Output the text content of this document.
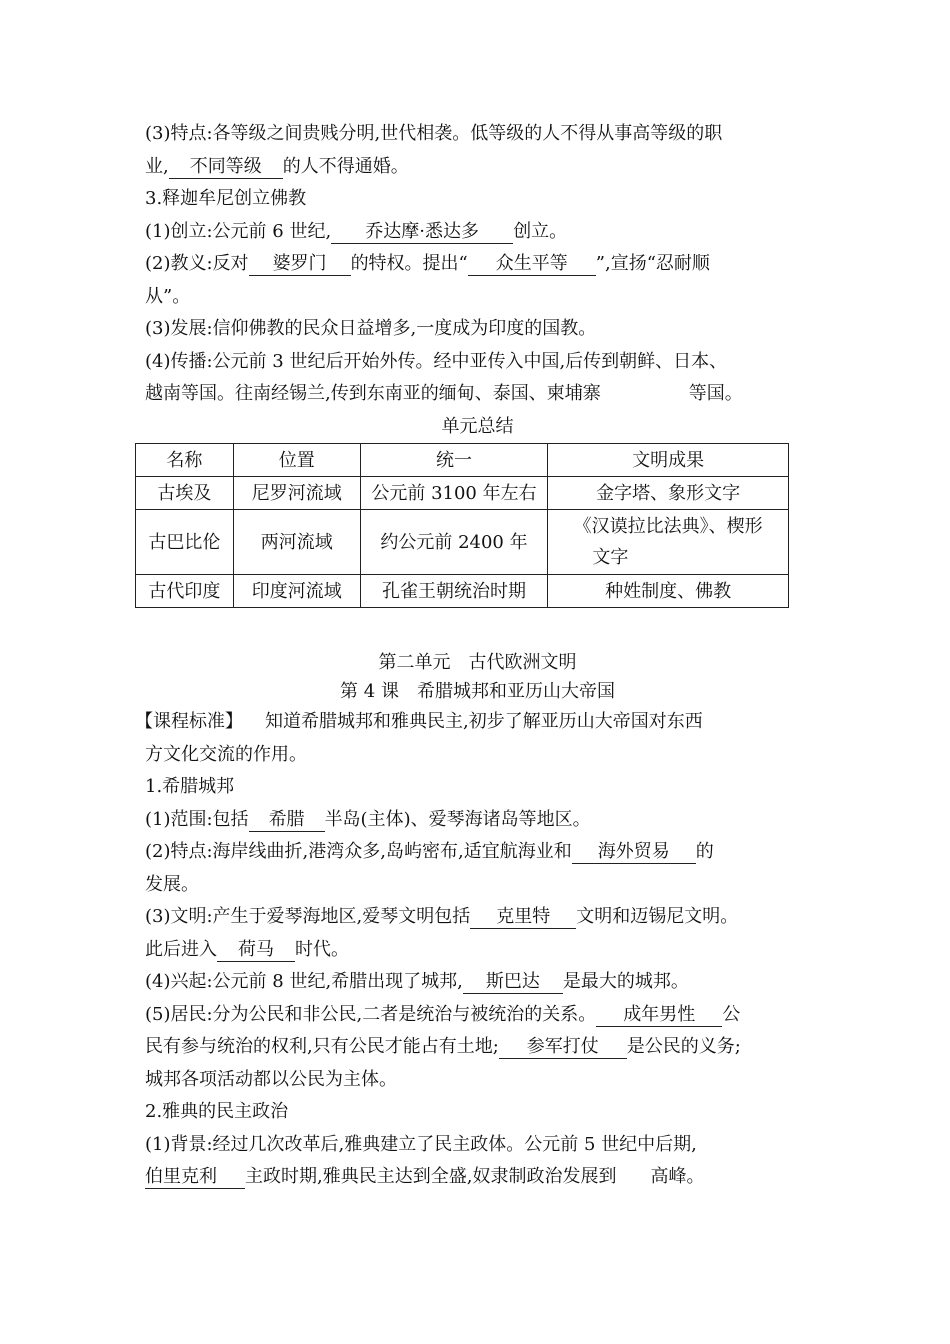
(3)特点:各等级之间贵贱分明,世代相袭。低等级的人不得从事高等级的职
业, 不同等级 的人不得通婚。
3.释迦牟尼创立佛教
(1)创立:公元前 6 世纪, 乔达摩·悉达多 创立。
(2)教义:反对 婆罗门 的特权。提出“ 众生平等 ”,宣扬“忍耐顺
从”。
(3)发展:信仰佛教的民众日益增多,一度成为印度的国教。
(4)传播:公元前 3 世纪后开始外传。经中亚传入中国,后传到朝鲜、日本、
越南等国。往南经锡兰,传到东南亚的缅甸、泰国、柬埔寨	等国。
单元总结
名称	位置	统一	文明成果
古埃及	尼罗河流域	公元前 3100 年左右	金字塔、象形文字
古巴比伦	两河流域	约公元前 2400 年	《汉谟拉比法典》、楔形
文字

古代印度	印度河流域	孔雀王朝统治时期	种姓制度、佛教
第二单元　古代欧洲文明
第 4 课　希腊城邦和亚历山大帝国
【课程标准】 知道希腊城邦和雅典民主,初步了解亚历山大帝国对东西
方文化交流的作用。
1.希腊城邦
(1)范围:包括 希腊 半岛(主体)、爱琴海诸岛等地区。
(2)特点:海岸线曲折,港湾众多,岛屿密布,适宜航海业和 海外贸易 的
发展。
(3)文明:产生于爱琴海地区,爱琴文明包括 克里特 文明和迈锡尼文明。
此后进入 荷马 时代。
(4)兴起:公元前 8 世纪,希腊出现了城邦, 斯巴达 是最大的城邦。
(5)居民:分为公民和非公民,二者是统治与被统治的关系。 成年男性 公
民有参与统治的权利,只有公民才能占有土地; 参军打仗 是公民的义务;
城邦各项活动都以公民为主体。
2.雅典的民主政治
(1)背景:经过几次改革后,雅典建立了民主政体。公元前 5 世纪中后期,
伯里克利 主政时期,雅典民主达到全盛,奴隶制政治发展到 高峰。
